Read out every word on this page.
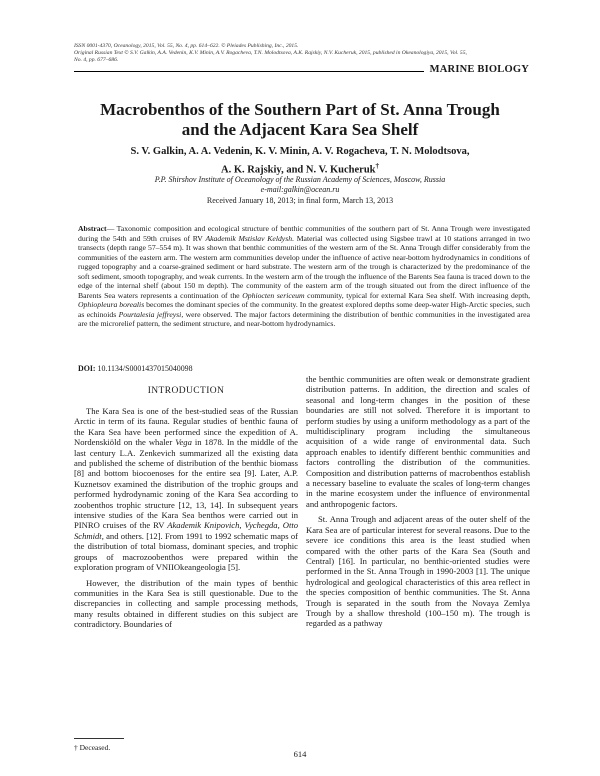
ISSN 0001-4370, Oceanology, 2015, Vol. 55, No. 4, pp. 614–622. © Pleiades Publishing, Inc., 2015.
Original Russian Text © S.V. Galkin, A.A. Vedenin, K.V. Minin, A.V. Rogacheva, T.N. Molodtsova, A.K. Rajskiy, N.V. Kucheruk, 2015, published in Okeanologiya, 2015, Vol. 55,
No. 4, pp. 677–686.
MARINE BIOLOGY
Macrobenthos of the Southern Part of St. Anna Trough
and the Adjacent Kara Sea Shelf
S. V. Galkin, A. A. Vedenin, K. V. Minin, A. V. Rogacheva, T. N. Molodtsova,
A. K. Rajskiy, and N. V. Kucheruk†
P.P. Shirshov Institute of Oceanology of the Russian Academy of Sciences, Moscow, Russia
e-mail:galkin@ocean.ru
Received January 18, 2013; in final form, March 13, 2013
Abstract— Taxonomic composition and ecological structure of benthic communities of the southern part of St. Anna Trough were investigated during the 54th and 59th cruises of RV Akademik Mstislav Keldysh. Material was collected using Sigsbee trawl at 10 stations arranged in two transects (depth range 57–554 m). It was shown that benthic communities of the western arm of the St. Anna Trough differ considerably from the communities of the eastern arm. The western arm communities develop under the influence of active near-bottom hydrodynamics in conditions of rugged topography and a coarse-grained sediment or hard substrate. The western arm of the trough is characterized by the predominance of the soft sediment, smooth topography, and weak currents. In the western arm of the trough the influence of the Barents Sea fauna is traced down to the edge of the internal shelf (about 150 m depth). The community of the eastern arm of the trough situated out from the direct influence of the Barents Sea waters represents a continuation of the Ophiocten sericeum community, typical for external Kara Sea shelf. With increasing depth, Ophiopleura borealis becomes the dominant species of the community. In the greatest explored depths some deep-water High-Arctic species, such as echinoids Pourtalesia jeffreysi, were observed. The major factors determining the distribution of benthic communities in the investigated area are the microrelief pattern, the sediment structure, and near-bottom hydrodynamics.
DOI: 10.1134/S0001437015040098
INTRODUCTION

The Kara Sea is one of the best-studied seas of the Russian Arctic in term of its fauna. Regular studies of benthic fauna of the Kara Sea have been performed since the expedition of A. Nordenskiöld on the whaler Vega in 1878. In the middle of the last century L.A. Zenkevich summarized all the existing data and published the scheme of distribution of the benthic biomass [8] and bottom biocoenoses for the entire sea [9]. Later, A.P. Kuznetsov examined the distribution of the trophic groups and performed hydrodynamic zoning of the Kara Sea according to zoobenthos trophic structure [12, 13, 14]. In subsequent years intensive studies of the Kara Sea benthos were carried out in PINRO cruises of the RV Akademik Knipovich, Vychegda, Otto Schmidt, and others. [12]. From 1991 to 1992 schematic maps of the distribution of total biomass, dominant species, and trophic groups of macrozoobenthos were prepared within the exploration program of VNIIOkeangeologia [5].

However, the distribution of the main types of benthic communities in the Kara Sea is still questionable. Due to the discrepancies in collecting and sample processing methods, many results obtained in different studies on this subject are contradictory. Boundaries of

the benthic communities are often weak or demonstrate gradient distribution patterns. In addition, the direction and scales of seasonal and long-term changes in the position of these boundaries are still not solved. Therefore it is important to perform studies by using a uniform methodology as a part of the multidisciplinary program including the simultaneous acquisition of a wide range of environmental data. Such approach enables to identify different benthic communities and factors controlling the distribution of the communities. Composition and distribution patterns of macrobenthos establish a necessary baseline to evaluate the scales of long-term changes in the marine ecosystem under the influence of environmental and anthropogenic factors.

St. Anna Trough and adjacent areas of the outer shelf of the Kara Sea are of particular interest for several reasons. Due to the severe ice conditions this area is the least studied when compared with the other parts of the Kara Sea (South and Central) [16]. In particular, no benthic-oriented studies were performed in the St. Anna Trough in 1990-2003 [1]. The unique hydrological and geological characteristics of this area reflect in the species composition of benthic communities. The St. Anna Trough is separated in the south from the Novaya Zemlya Trough by a shallow threshold (100–150 m). The trough is regarded as a pathway

† Deceased.
614
